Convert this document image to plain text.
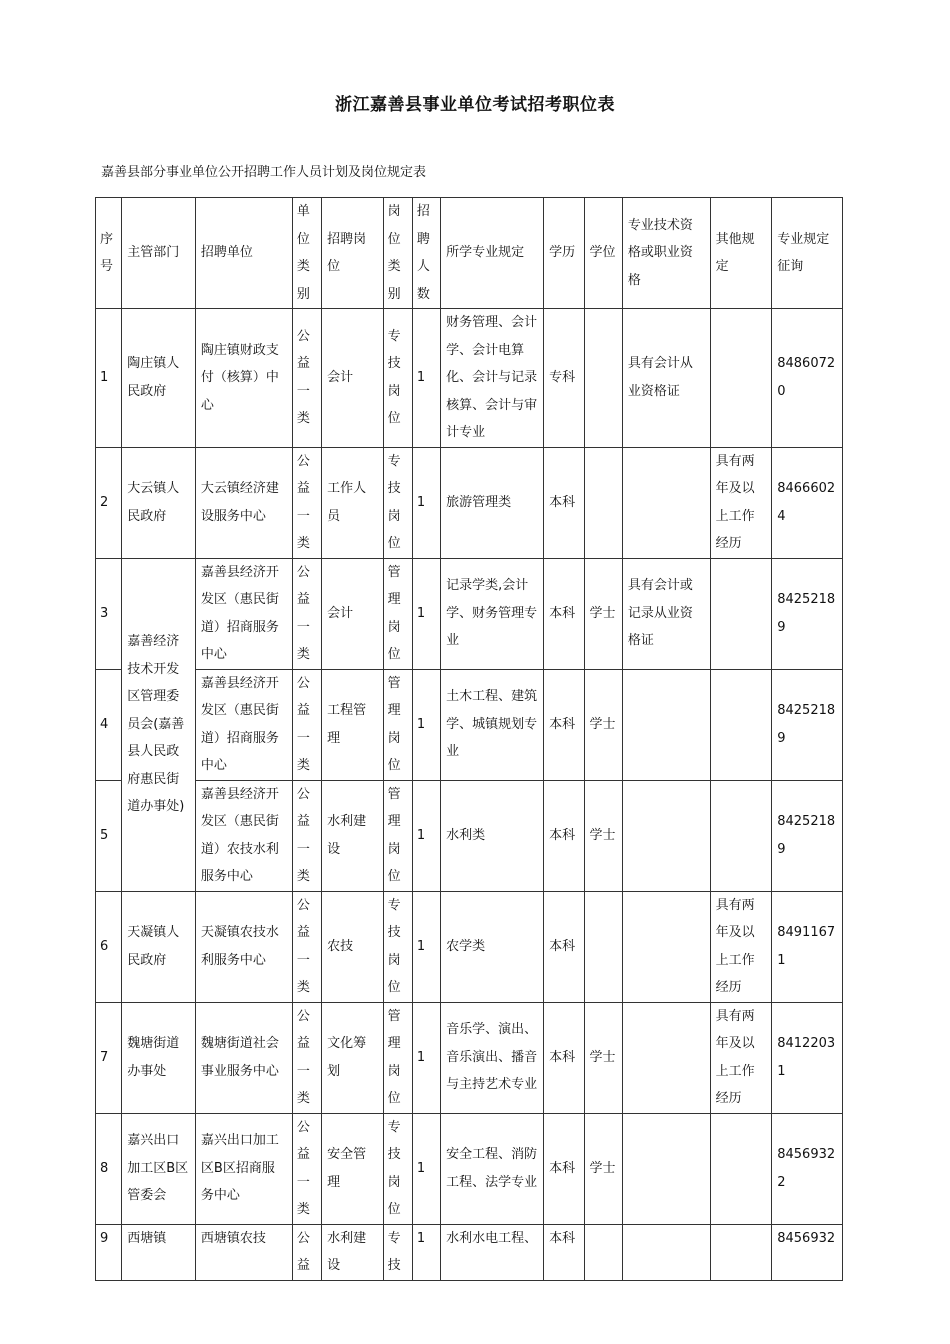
浙江嘉善县事业单位考试招考职位表
嘉善县部分事业单位公开招聘工作人员计划及岗位规定表
序号	主管部门	招聘单位	单位类别	招聘岗位	岗位类别	招聘人数	所学专业规定	学历	学位	专业技术资格或职业资格	其他规定	专业规定征询
1	陶庄镇人民政府	陶庄镇财政支付（核算）中心	公益一类	会计	专技岗位	1	财务管理、会计学、会计电算化、会计与记录核算、会计与审计专业	专科		具有会计从业资格证		84860720
2	大云镇人民政府	大云镇经济建设服务中心	公益一类	工作人员	专技岗位	1	旅游管理类	本科			具有两年及以上工作经历	84666024
3	嘉善经济技术开发区管理委员会(嘉善县人民政府惠民街道办事处)	嘉善县经济开发区（惠民街道）招商服务中心	公益一类	会计	管理岗位	1	记录学类,会计学、财务管理专业	本科	学士	具有会计或记录从业资格证		84252189
4		嘉善县经济开发区（惠民街道）招商服务中心	公益一类	工程管理	管理岗位	1	土木工程、建筑学、城镇规划专业	本科	学士			84252189
5		嘉善县经济开发区（惠民街道）农技水利服务中心	公益一类	水利建设	管理岗位	1	水利类	本科	学士			84252189
6	天凝镇人民政府	天凝镇农技水利服务中心	公益一类	农技	专技岗位	1	农学类	本科			具有两年及以上工作经历	84911671
7	魏塘街道办事处	魏塘街道社会事业服务中心	公益一类	文化筹划	管理岗位	1	音乐学、演出、音乐演出、播音与主持艺术专业	本科	学士		具有两年及以上工作经历	84122031
8	嘉兴出口加工区B区管委会	嘉兴出口加工区B区招商服务中心	公益一类	安全管理	专技岗位	1	安全工程、消防工程、法学专业	本科	学士			84569322
9	西塘镇	西塘镇农技	公益	水利建设	专技	1	水利水电工程、	本科				8456932
